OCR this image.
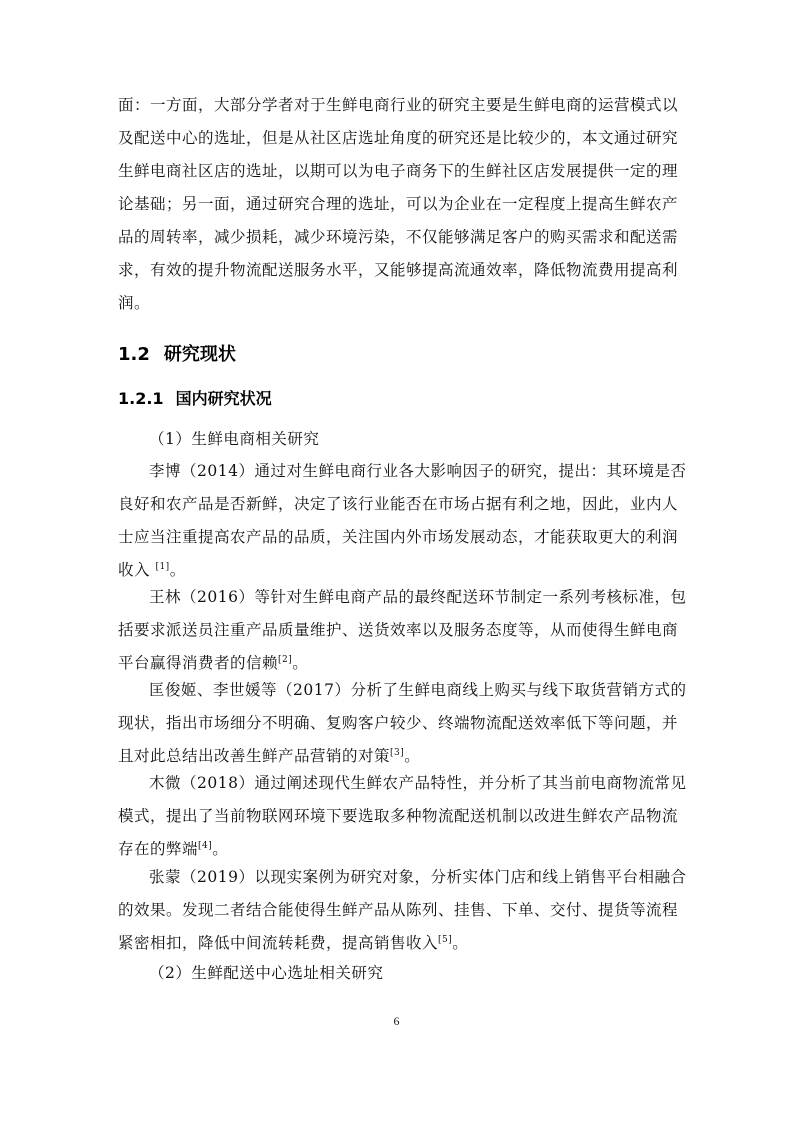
面：一方面，大部分学者对于生鲜电商行业的研究主要是生鲜电商的运营模式以
及配送中心的选址，但是从社区店选址角度的研究还是比较少的，本文通过研究
生鲜电商社区店的选址，以期可以为电子商务下的生鲜社区店发展提供一定的理
论基础；另一面，通过研究合理的选址，可以为企业在一定程度上提高生鲜农产
品的周转率，减少损耗，减少环境污染，不仅能够满足客户的购买需求和配送需
求，有效的提升物流配送服务水平，又能够提高流通效率，降低物流费用提高利
润。
1.2 研究现状
1.2.1 国内研究状况
（1）生鲜电商相关研究
李博（2014）通过对生鲜电商行业各大影响因子的研究，提出：其环境是否
良好和农产品是否新鲜，决定了该行业能否在市场占据有利之地，因此，业内人
士应当注重提高农产品的品质，关注国内外市场发展动态，才能获取更大的利润
收入 [1]。
王林（2016）等针对生鲜电商产品的最终配送环节制定一系列考核标准，包
括要求派送员注重产品质量维护、送货效率以及服务态度等，从而使得生鲜电商
平台赢得消费者的信赖[2]。
匡俊姬、李世媛等（2017）分析了生鲜电商线上购买与线下取货营销方式的
现状，指出市场细分不明确、复购客户较少、终端物流配送效率低下等问题，并
且对此总结出改善生鲜产品营销的对策[3]。
木微（2018）通过阐述现代生鲜农产品特性，并分析了其当前电商物流常见
模式，提出了当前物联网环境下要选取多种物流配送机制以改进生鲜农产品物流
存在的弊端[4]。
张蒙（2019）以现实案例为研究对象，分析实体门店和线上销售平台相融合
的效果。发现二者结合能使得生鲜产品从陈列、挂售、下单、交付、提货等流程
紧密相扣，降低中间流转耗费，提高销售收入[5]。
（2）生鲜配送中心选址相关研究
6
